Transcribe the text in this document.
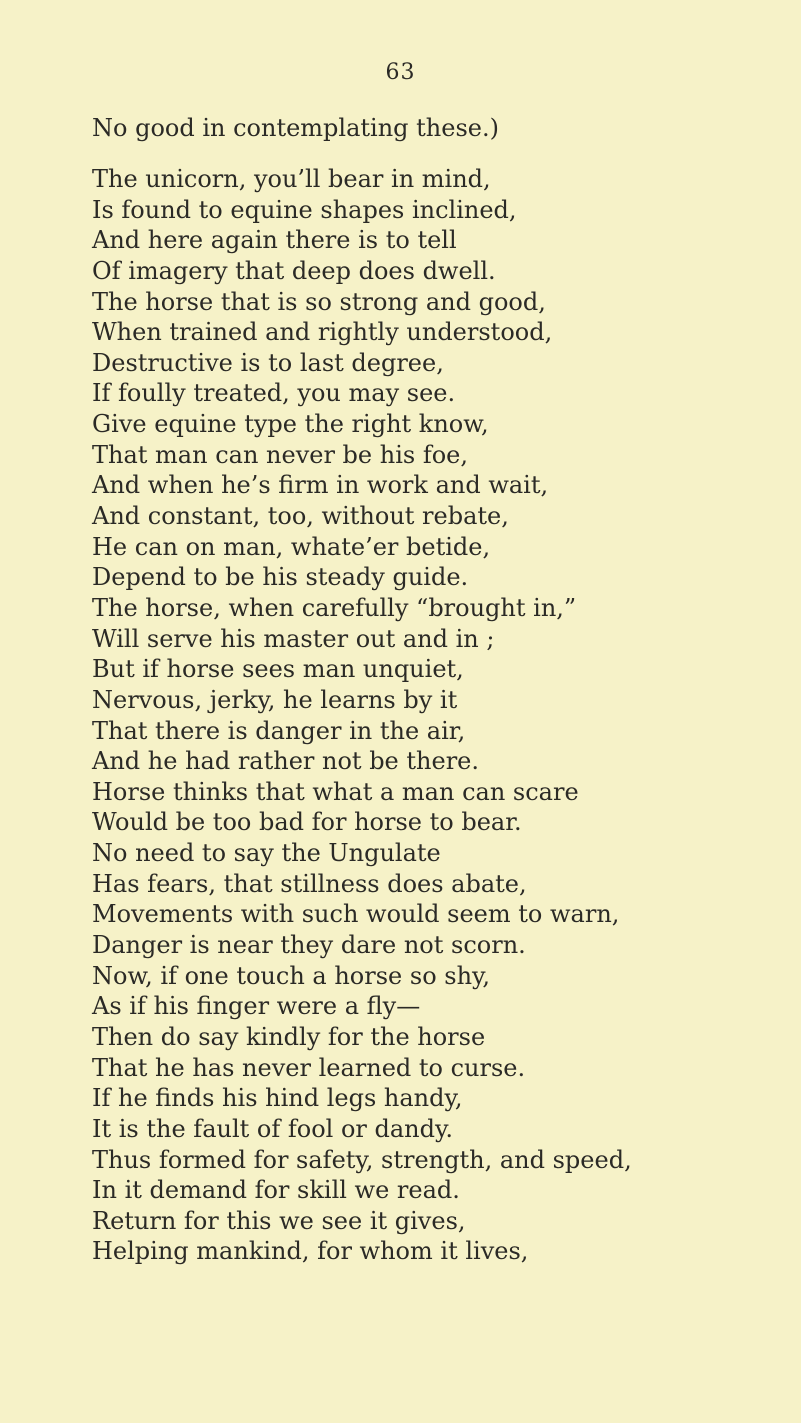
63
No good in contemplating these.)
The unicorn, you’ll bear in mind,
Is found to equine shapes inclined,
And here again there is to tell
Of imagery that deep does dwell.
The horse that is so strong and good,
When trained and rightly understood,
Destructive is to last degree,
If foully treated, you may see.
Give equine type the right know,
That man can never be his foe,
And when he’s firm in work and wait,
And constant, too, without rebate,
He can on man, whate’er betide,
Depend to be his steady guide.
The horse, when carefully “brought in,”
Will serve his master out and in ;
But if horse sees man unquiet,
Nervous, jerky, he learns by it
That there is danger in the air,
And he had rather not be there.
Horse thinks that what a man can scare
Would be too bad for horse to bear.
No need to say the Ungulate
Has fears, that stillness does abate,
Movements with such would seem to warn,
Danger is near they dare not scorn.
Now, if one touch a horse so shy,
As if his finger were a fly—
Then do say kindly for the horse
That he has never learned to curse.
If he finds his hind legs handy,
It is the fault of fool or dandy.
Thus formed for safety, strength, and speed,
In it demand for skill we read.
Return for this we see it gives,
Helping mankind, for whom it lives,
